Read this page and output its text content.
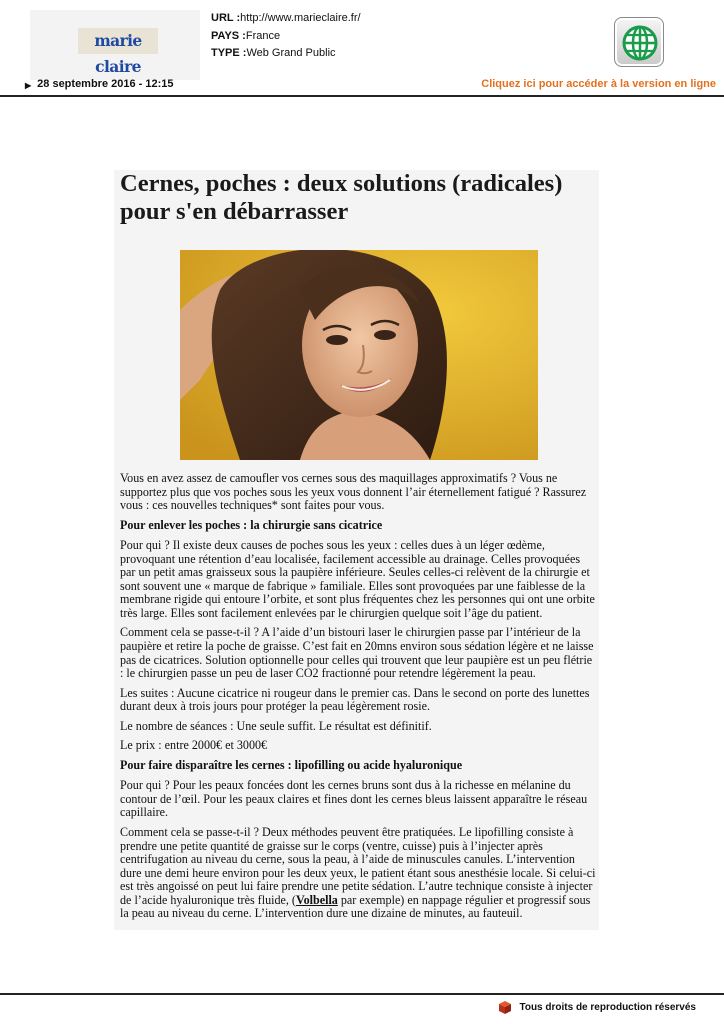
marie claire
URL :http://www.marieclaire.fr/
PAYS :France
TYPE :Web Grand Public
▶ 28 septembre 2016 - 12:15	Cliquez ici pour accéder à la version en ligne
Cernes, poches : deux solutions (radicales) pour s'en débarrasser

Vous en avez assez de camoufler vos cernes sous des maquillages approximatifs ? Vous ne supportez plus que vos poches sous les yeux vous donnent l’air éternellement fatigué ? Rassurez vous : ces nouvelles techniques* sont faites pour vous.

Pour enlever les poches : la chirurgie sans cicatrice

Pour qui ? Il existe deux causes de poches sous les yeux : celles dues à un léger œdème, provoquant une rétention d’eau localisée, facilement accessible au drainage. Celles provoquées par un petit amas graisseux sous la paupière inférieure. Seules celles-ci relèvent de la chirurgie et sont souvent une « marque de fabrique » familiale. Elles sont provoquées par une faiblesse de la membrane rigide qui entoure l’orbite, et sont plus fréquentes chez les personnes qui ont une orbite très large. Elles sont facilement enlevées par le chirurgien quelque soit l’âge du patient.

Comment cela se passe-t-il ? A l’aide d’un bistouri laser le chirurgien passe par l’intérieur de la paupière et retire la poche de graisse. C’est fait en 20mns environ sous sédation légère et ne laisse pas de cicatrices. Solution optionnelle pour celles qui trouvent que leur paupière est un peu flétrie : le chirurgien passe un peu de laser CO2 fractionné pour retendre légèrement la peau.

Les suites : Aucune cicatrice ni rougeur dans le premier cas. Dans le second on porte des lunettes durant deux à trois jours pour protéger la peau légèrement rosie.

Le nombre de séances : Une seule suffit. Le résultat est définitif.

Le prix : entre 2000€ et 3000€

Pour faire disparaître les cernes : lipofilling ou acide hyaluronique

Pour qui ? Pour les peaux foncées dont les cernes bruns sont dus à la richesse en mélanine du contour de l’œil. Pour les peaux claires et fines dont les cernes bleus laissent apparaître le réseau capillaire.

Comment cela se passe-t-il ? Deux méthodes peuvent être pratiquées. Le lipofilling consiste à prendre une petite quantité de graisse sur le corps (ventre, cuisse) puis à l’injecter après centrifugation au niveau du cerne, sous la peau, à l’aide de minuscules canules. L’intervention dure une demi heure environ pour les deux yeux, le patient étant sous anesthésie locale. Si celui-ci est très angoissé on peut lui faire prendre une petite sédation. L’autre technique consiste à injecter de l’acide hyaluronique très fluide, (Volbella par exemple) en nappage régulier et progressif sous la peau au niveau du cerne. L’intervention dure une dizaine de minutes, au fauteuil.

Tous droits de reproduction réservés
